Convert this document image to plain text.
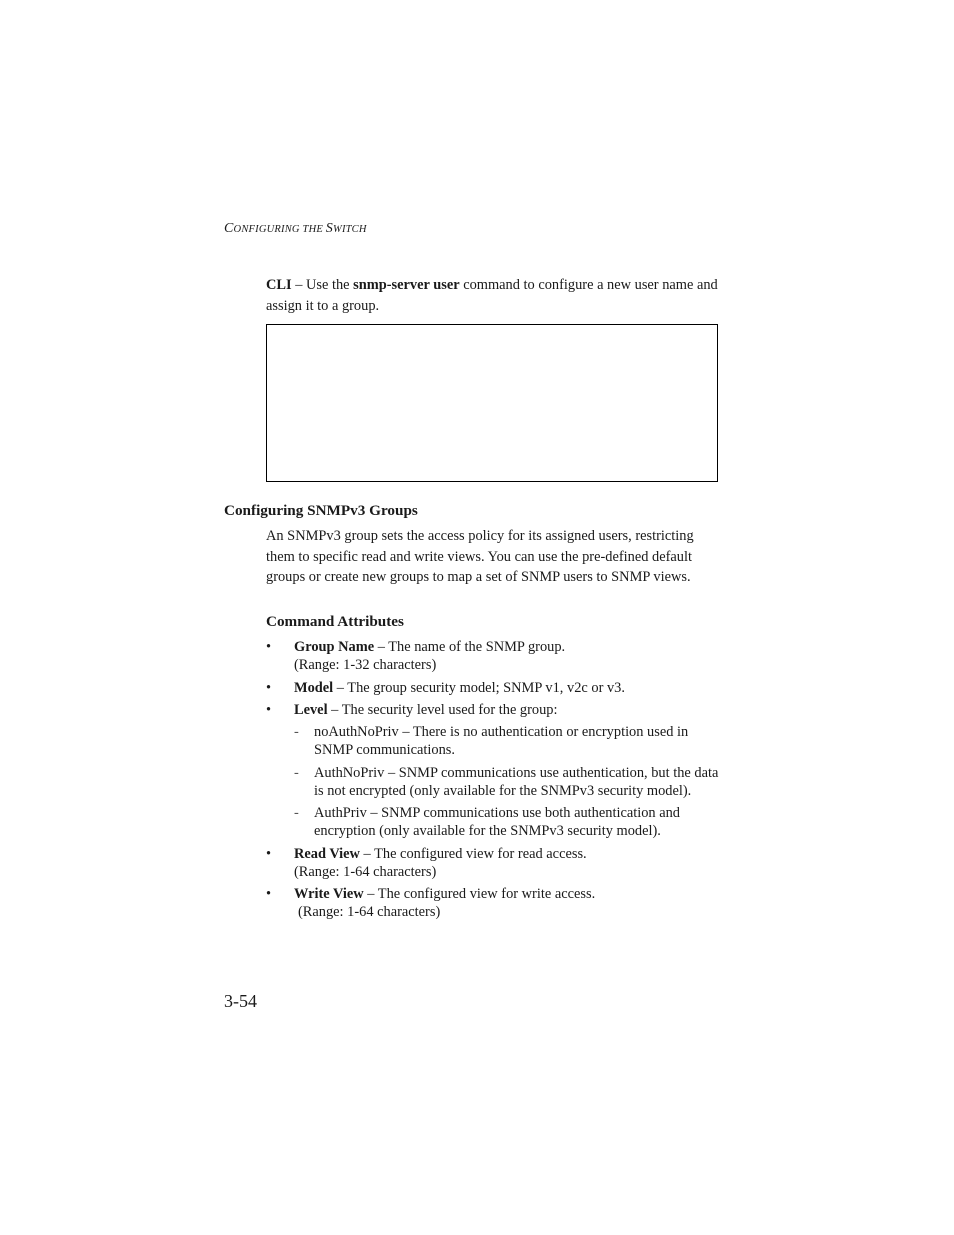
CONFIGURING THE SWITCH
CLI – Use the snmp-server user command to configure a new user name and assign it to a group.
Configuring SNMPv3 Groups
An SNMPv3 group sets the access policy for its assigned users, restricting them to specific read and write views. You can use the pre-defined default groups or create new groups to map a set of SNMP users to SNMP views.
Command Attributes
• Group Name – The name of the SNMP group.
(Range: 1-32 characters)
• Model – The group security model; SNMP v1, v2c or v3.
• Level – The security level used for the group:
- noAuthNoPriv – There is no authentication or encryption used in SNMP communications.
- AuthNoPriv – SNMP communications use authentication, but the data is not encrypted (only available for the SNMPv3 security model).
- AuthPriv – SNMP communications use both authentication and encryption (only available for the SNMPv3 security model).
• Read View – The configured view for read access.
(Range: 1-64 characters)
• Write View – The configured view for write access.
(Range: 1-64 characters)
3-54
